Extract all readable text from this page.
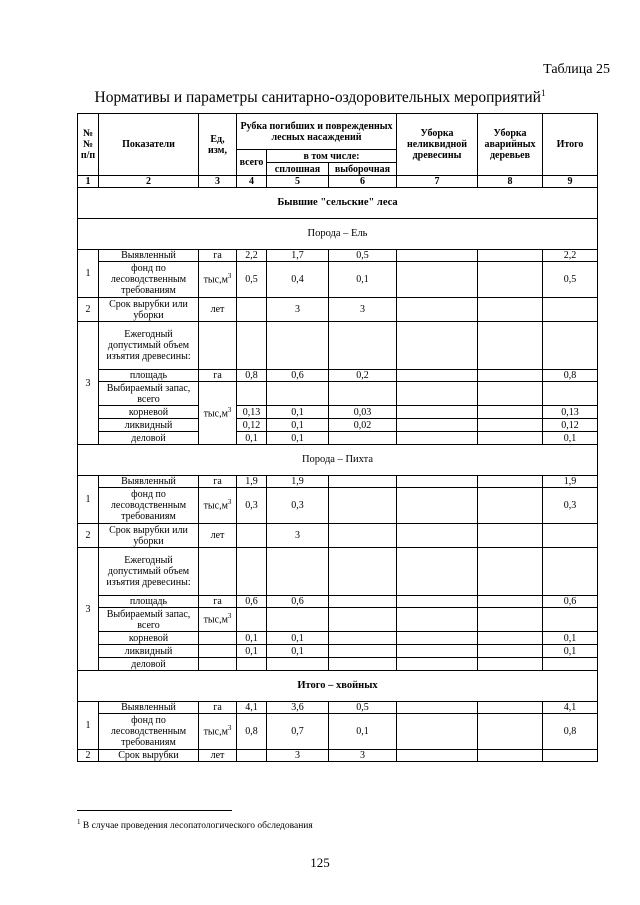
Таблица 25
Нормативы и параметры санитарно-оздоровительных мероприятий$^1$
№ № п/п	Показатели	Ед, изм,	Рубка погибших и поврежденных лесных насаждений			Уборка неликвидной древесины	Уборка аварийных деревьев	Итого
			всего	в том числе:				
				сплошная	выборочная			
1	2	3	4	5	6	7	8	9
Бывшие "сельские" леса								
Порода – Ель								
1	Выявленный	га	2,2	1,7	0,5			2,2
	фонд по лесоводственным требованиям	$тыс,м^3$	0,5	0,4	0,1			0,5
2	Срок вырубки или уборки	лет		3	3			
3	Ежегодный допустимый объем изъятия древесины:							
	площадь	га	0,8	0,6	0,2			0,8
	Выбираемый запас, всего	$тыс,м^3$						
	корневой		0,13	0,1	0,03			0,13
	ликвидный		0,12	0,1	0,02			0,12
	деловой		0,1	0,1				0,1
Порода – Пихта								
1	Выявленный	га	1,9	1,9				1,9
	фонд по лесоводственным требованиям	$тыс,м^3$	0,3	0,3				0,3
2	Срок вырубки или уборки	лет		3				
3	Ежегодный допустимый объем изъятия древесины:							
	площадь	га	0,6	0,6				0,6
	Выбираемый запас, всего	$тыс,м^3$						
	корневой		0,1	0,1				0,1
	ликвидный		0,1	0,1				0,1
	деловой							
Итого – хвойных								
1	Выявленный	га	4,1	3,6	0,5			4,1
	фонд по лесоводственным требованиям	$тыс,м^3$	0,8	0,7	0,1			0,8
2	Срок вырубки	лет		3	3			
$^1$ В случае проведения лесопатологического обследования
125
